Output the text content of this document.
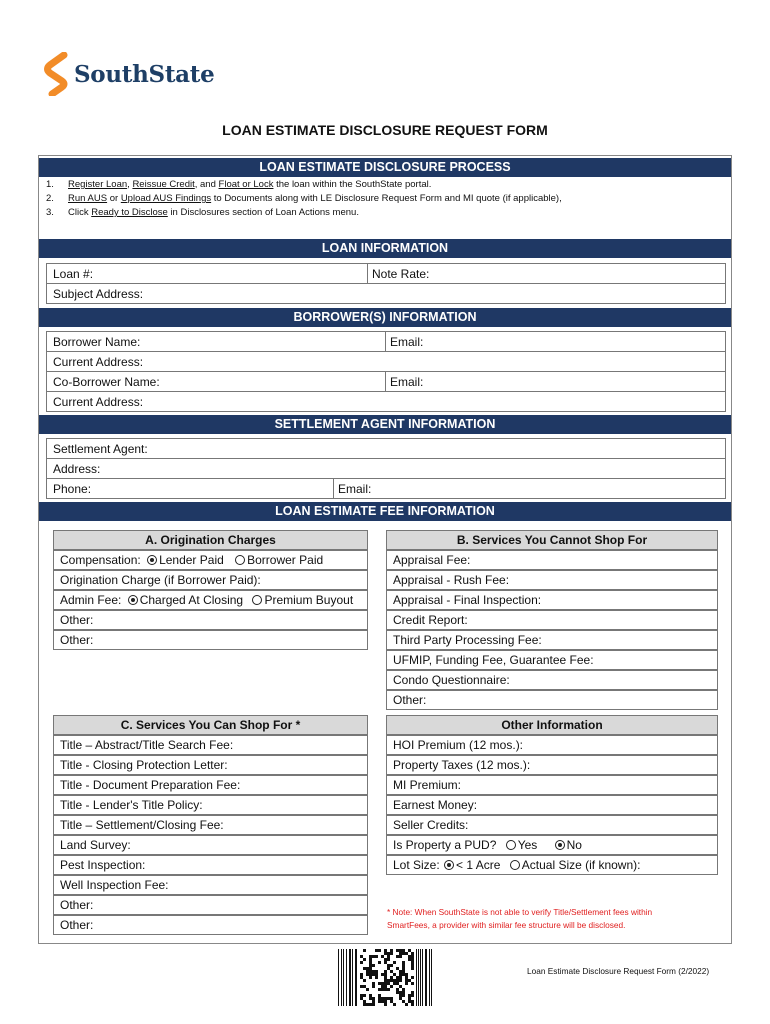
SouthState
LOAN ESTIMATE DISCLOSURE REQUEST FORM
LOAN ESTIMATE DISCLOSURE PROCESS
1.	Register Loan, Reissue Credit, and Float or Lock the loan within the SouthState portal.
2.	Run AUS or Upload AUS Findings to Documents along with LE Disclosure Request Form and MI quote (if applicable),
3.	Click Ready to Disclose in Disclosures section of Loan Actions menu.
LOAN INFORMATION
Loan #:	Note Rate:
Subject Address:
BORROWER(S) INFORMATION
Borrower Name:	Email:
Current Address:
Co-Borrower Name:	Email:
Current Address:
SETTLEMENT AGENT INFORMATION
Settlement Agent:
Address:
Phone:	Email:
LOAN ESTIMATE FEE INFORMATION
A. Origination Charges
Compensation: Lender Paid Borrower Paid
Origination Charge (if Borrower Paid):
Admin Fee: Charged At Closing Premium Buyout
Other:
Other:
B. Services You Cannot Shop For
Appraisal Fee:
Appraisal - Rush Fee:
Appraisal - Final Inspection:
Credit Report:
Third Party Processing Fee:
UFMIP, Funding Fee, Guarantee Fee:
Condo Questionnaire:
Other:
C. Services You Can Shop For *
Title – Abstract/Title Search Fee:
Title - Closing Protection Letter:
Title - Document Preparation Fee:
Title - Lender's Title Policy:
Title – Settlement/Closing Fee:
Land Survey:
Pest Inspection:
Well Inspection Fee:
Other:
Other:
Other Information
HOI Premium (12 mos.):
Property Taxes (12 mos.):
MI Premium:
Earnest Money:
Seller Credits:
Is Property a PUD? Yes No
Lot Size: < 1 Acre Actual Size (if known):
* Note: When SouthState is not able to verify Title/Settlement fees within
SmartFees, a provider with similar fee structure will be disclosed.
Loan Estimate Disclosure Request Form (2/2022)
